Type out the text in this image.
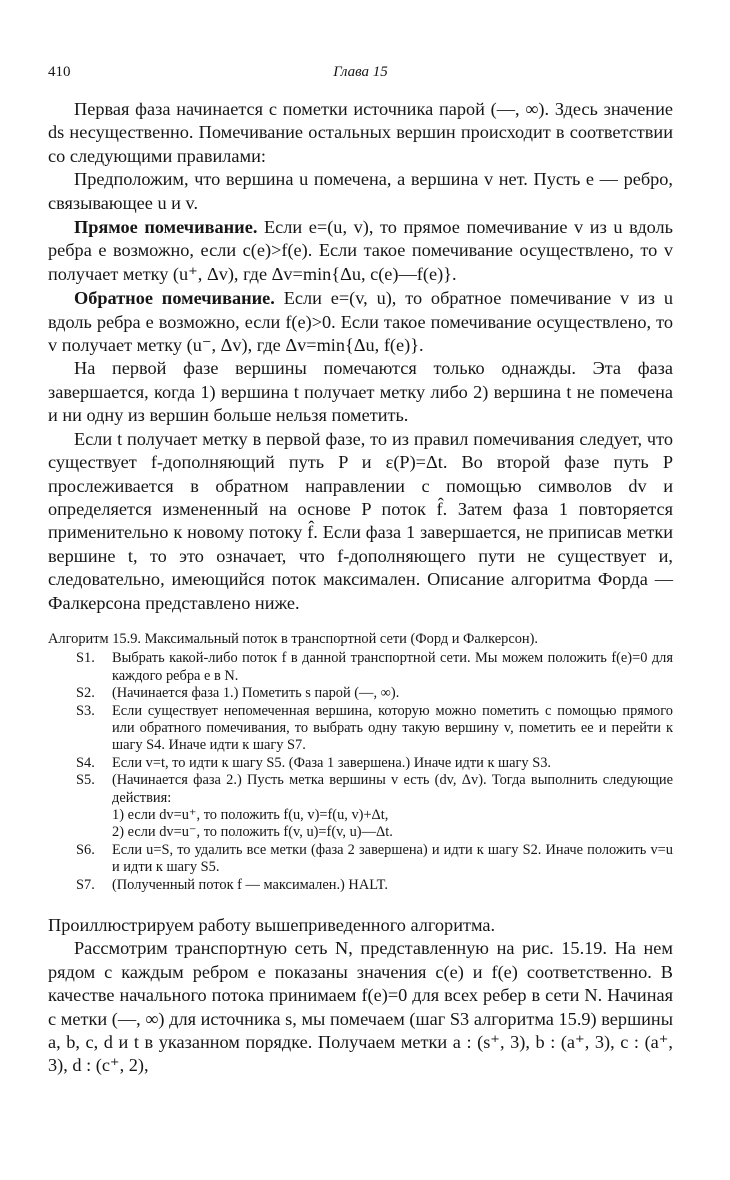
410	Глава 15

Первая фаза начинается с пометки источника парой (—, ∞). Здесь значение ds несущественно. Помечивание остальных вершин происходит в соответствии со следующими правилами:

Предположим, что вершина u помечена, а вершина v нет. Пусть e — ребро, связывающее u и v.

Прямое помечивание. Если e=(u, v), то прямое помечивание v из u вдоль ребра e возможно, если c(e)>f(e). Если такое помечивание осуществлено, то v получает метку (u⁺, Δv), где Δv=min{Δu, c(e)—f(e)}.

Обратное помечивание. Если e=(v, u), то обратное помечивание v из u вдоль ребра e возможно, если f(e)>0. Если такое помечивание осуществлено, то v получает метку (u⁻, Δv), где Δv=min{Δu, f(e)}.

На первой фазе вершины помечаются только однажды. Эта фаза завершается, когда 1) вершина t получает метку либо 2) вершина t не помечена и ни одну из вершин больше нельзя пометить.

Если t получает метку в первой фазе, то из правил помечивания следует, что существует f-дополняющий путь P и ε(P)=Δt. Во второй фазе путь P прослеживается в обратном направлении с помощью символов dv и определяется измененный на основе P поток f̂. Затем фаза 1 повторяется применительно к новому потоку f̂. Если фаза 1 завершается, не приписав метки вершине t, то это означает, что f-дополняющего пути не существует и, следовательно, имеющийся поток максимален. Описание алгоритма Форда — Фалкерсона представлено ниже.

Алгоритм 15.9. Максимальный поток в транспортной сети (Форд и Фалкерсон).

S1. Выбрать какой-либо поток f в данной транспортной сети. Мы можем положить f(e)=0 для каждого ребра e в N.
S2. (Начинается фаза 1.) Пометить s парой (—, ∞).
S3. Если существует непомеченная вершина, которую можно пометить с помощью прямого или обратного помечивания, то выбрать одну такую вершину v, пометить ее и перейти к шагу S4. Иначе идти к шагу S7.
S4. Если v=t, то идти к шагу S5. (Фаза 1 завершена.) Иначе идти к шагу S3.
S5. (Начинается фаза 2.) Пусть метка вершины v есть (dv, Δv). Тогда выполнить следующие действия:
1) если dv=u⁺, то положить f(u, v)=f(u, v)+Δt,
2) если dv=u⁻, то положить f(v, u)=f(v, u)—Δt.
S6. Если u=S, то удалить все метки (фаза 2 завершена) и идти к шагу S2. Иначе положить v=u и идти к шагу S5.
S7. (Полученный поток f — максимален.) HALT.

Проиллюстрируем работу вышеприведенного алгоритма.

Рассмотрим транспортную сеть N, представленную на рис. 15.19. На нем рядом с каждым ребром e показаны значения c(e) и f(e) соответственно. В качестве начального потока принимаем f(e)=0 для всех ребер в сети N. Начиная с метки (—, ∞) для источника s, мы помечаем (шаг S3 алгоритма 15.9) вершины a, b, c, d и t в указанном порядке. Получаем метки a : (s⁺, 3), b : (a⁺, 3), c : (a⁺, 3), d : (c⁺, 2),
